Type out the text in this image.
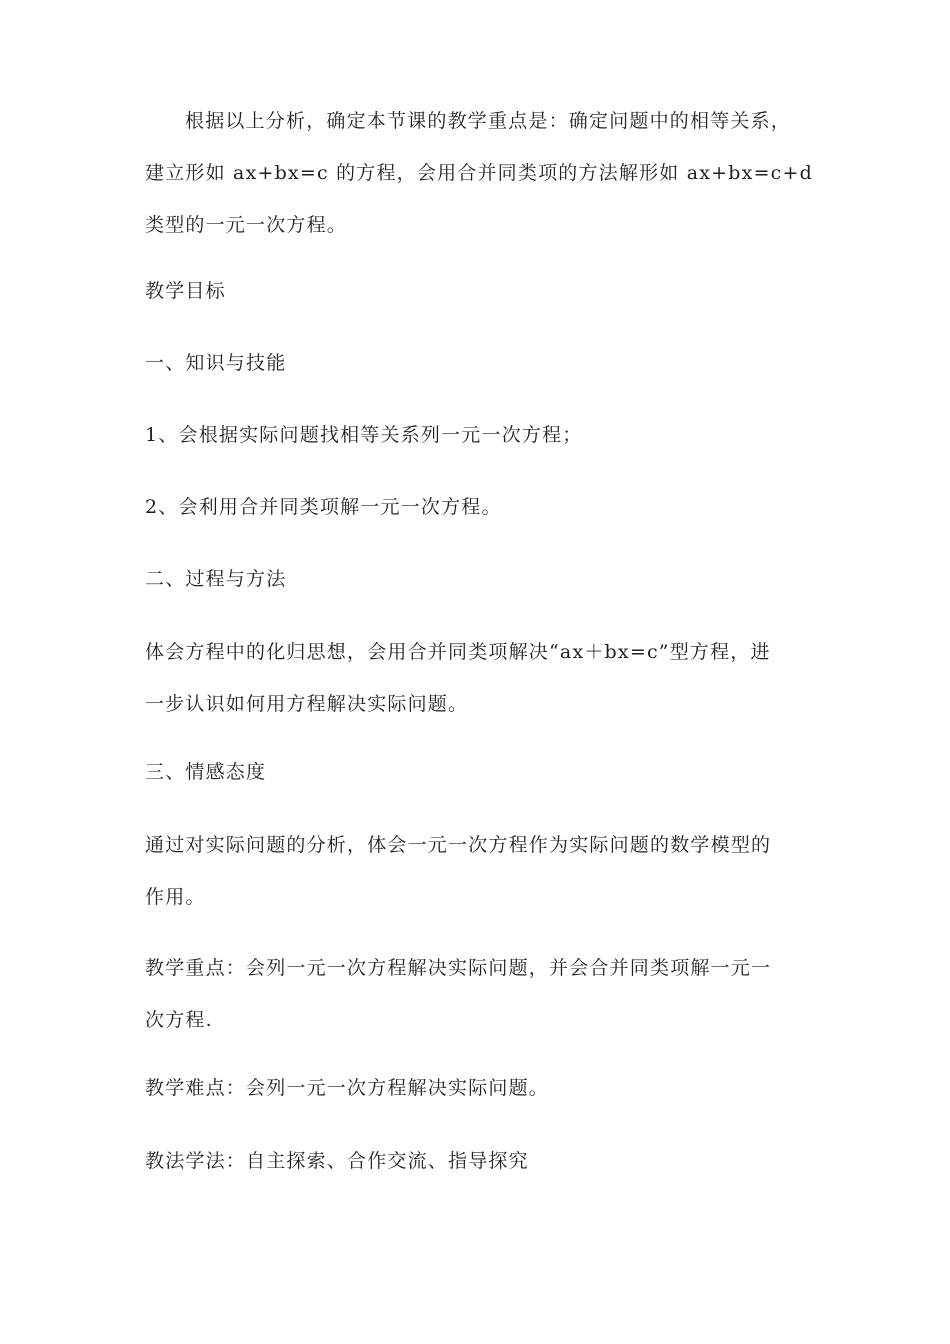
根据以上分析，确定本节课的教学重点是：确定问题中的相等关系，
建立形如 ax+bx=c 的方程，会用合并同类项的方法解形如 ax+bx=c+d
类型的一元一次方程。
教学目标
一、知识与技能
1、会根据实际问题找相等关系列一元一次方程；
2、会利用合并同类项解一元一次方程。
二、过程与方法
体会方程中的化归思想，会用合并同类项解决“ax＋bx=c”型方程，进
一步认识如何用方程解决实际问题。
三、情感态度
通过对实际问题的分析，体会一元一次方程作为实际问题的数学模型的
作用。
教学重点：会列一元一次方程解决实际问题，并会合并同类项解一元一
次方程.
教学难点：会列一元一次方程解决实际问题。
教法学法：自主探索、合作交流、指导探究
